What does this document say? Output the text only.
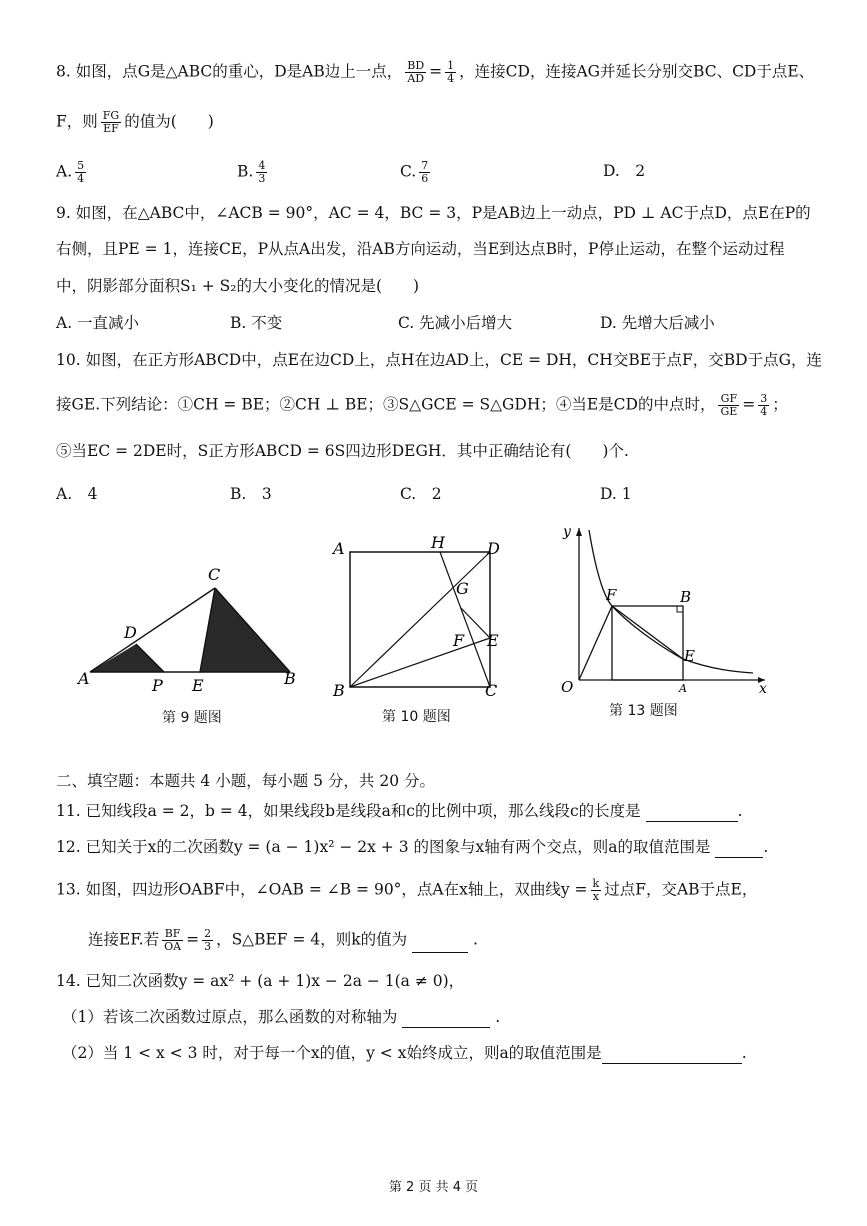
8. 如图，点G是△ABC的重心，D是AB边上一点， $\frac{BD}{AD} = \frac{1}{4}$ ，连接CD，连接AG并延长分别交BC、CD于点E、
F，则 $\frac{FG}{EF}$ 的值为(　　)
A. $\frac{5}{4}$	B. $\frac{4}{3}$	C. $\frac{7}{6}$	D.　2
9. 如图，在△ABC中，∠ACB = 90°，AC = 4，BC = 3，P是AB边上一动点，PD ⊥ AC于点D，点E在P的
右侧，且PE = 1，连接CE，P从点A出发，沿AB方向运动，当E到达点B时，P停止运动，在整个运动过程
中，阴影部分面积S₁ + S₂的大小变化的情况是(　　)
A. 一直减小	B. 不变	C. 先减小后增大	D. 先增大后减小
10. 如图，在正方形ABCD中，点E在边CD上，点H在边AD上，CE = DH，CH交BE于点F，交BD于点G，连
接GE.下列结论：①CH = BE；②CH ⊥ BE；③S△GCE = S△GDH；④当E是CD的中点时， $\frac{GF}{GE} = \frac{3}{4}$ ；
⑤当EC = 2DE时，S正方形ABCD = 6S四边形DEGH．其中正确结论有(　　)个.
A.　4	B.　3	C.　2	D. 1
A
D
P E
C
B
第 9 题图
A	H	D
G
F E
B	C
第 10 题图
y
F	B
E
O	A	x
第 13 题图
二、填空题：本题共 4 小题，每小题 5 分，共 20 分。
11. 已知线段a = 2，b = 4，如果线段b是线段a和c的比例中项，那么线段c的长度是	.
12. 已知关于x的二次函数y = (a − 1)x² − 2x + 3 的图象与x轴有两个交点，则a的取值范围是	.
13. 如图，四边形OABF中，∠OAB = ∠B = 90°，点A在x轴上，双曲线$y = \frac{k}{x}$ 过点F，交AB于点E，
连接EF.若 $\frac{BF}{OA} = \frac{2}{3}$ ，S△BEF = 4，则k的值为	.
14. 已知二次函数y = ax² + (a + 1)x − 2a − 1(a ≠ 0)，
（1）若该二次函数过原点，那么函数的对称轴为	.
（2）当 1 < x < 3 时，对于每一个x的值，y < x始终成立，则a的取值范围是	.
第 2 页 共 4 页
